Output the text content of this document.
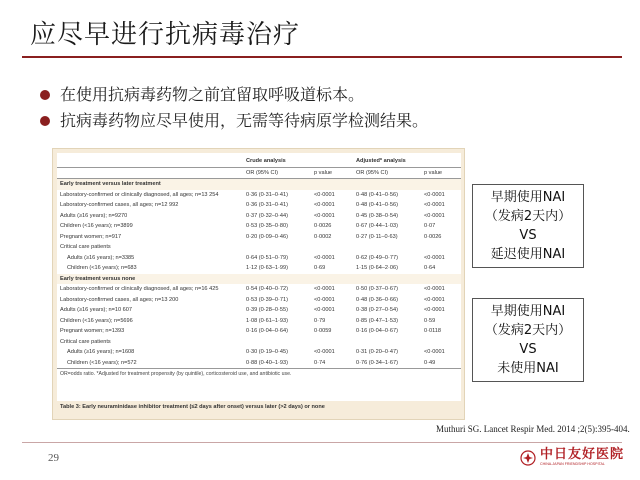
应尽早进行抗病毒治疗
在使用抗病毒药物之前宜留取呼吸道标本。
抗病毒药物应尽早使用，无需等待病原学检测结果。
	Crude analysis		Adjusted* analysis	
	OR (95% CI)	p value	OR (95% CI)	p value
Early treatment versus later treatment				
Laboratory-confirmed or clinically diagnosed, all ages; n=13 254	0·36 (0·31–0·41)	<0·0001	0·48 (0·41–0·56)	<0·0001
Laboratory-confirmed cases, all ages; n=12 992	0·36 (0·31–0·41)	<0·0001	0·48 (0·41–0·56)	<0·0001
Adults (≥16 years); n=9270	0·37 (0·32–0·44)	<0·0001	0·45 (0·38–0·54)	<0·0001
Children (<16 years); n=3899	0·53 (0·35–0·80)	0·0026	0·67 (0·44–1·03)	0·07
Pregnant women; n=917	0·20 (0·09–0·46)	0·0002	0·27 (0·11–0·63)	0·0026
Critical care patients				
Adults (≥16 years); n=3385	0·64 (0·51–0·79)	<0·0001	0·62 (0·49–0·77)	<0·0001
Children (<16 years); n=683	1·12 (0·63–1·99)	0·69	1·15 (0·64–2·06)	0·64
Early treatment versus none				
Laboratory-confirmed or clinically diagnosed, all ages; n=16 425	0·54 (0·40–0·72)	<0·0001	0·50 (0·37–0·67)	<0·0001
Laboratory-confirmed cases, all ages; n=13 200	0·53 (0·39–0·71)	<0·0001	0·48 (0·36–0·66)	<0·0001
Adults (≥16 years); n=10 607	0·39 (0·28–0·55)	<0·0001	0·38 (0·27–0·54)	<0·0001
Children (<16 years); n=5696	1·08 (0·61–1·93)	0·79	0·85 (0·47–1·53)	0·59
Pregnant women; n=1393	0·16 (0·04–0·64)	0·0059	0·16 (0·04–0·67)	0·0118
Critical care patients				
Adults (≥16 years); n=1608	0·30 (0·19–0·45)	<0·0001	0·31 (0·20–0·47)	<0·0001
Children (<16 years); n=572	0·88 (0·40–1·93)	0·74	0·76 (0·34–1·67)	0·49
OR=odds ratio. *Adjusted for treatment propensity (by quintile), corticosteroid use, and antibiotic use.				
Table 3: Early neuraminidase inhibitor treatment (≤2 days after onset) versus later (>2 days) or none
早期使用NAI
（发病2天内）
VS
延迟使用NAI
早期使用NAI
（发病2天内）
VS
未使用NAI
Muthuri SG. Lancet Respir Med. 2014 ;2(5):395-404.
29	中日友好医院
CHINA-JAPAN FRIENDSHIP HOSPITAL
